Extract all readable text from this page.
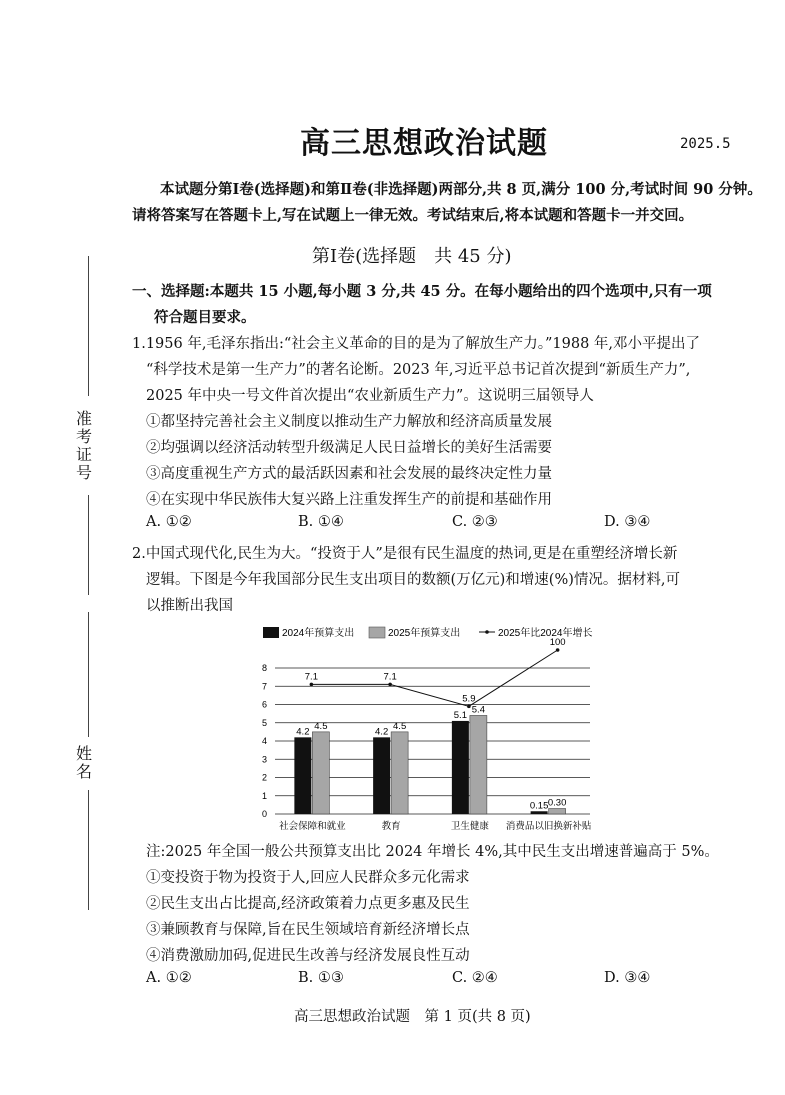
高三思想政治试题	2025.5
本试题分第Ⅰ卷(选择题)和第Ⅱ卷(非选择题)两部分,共 8 页,满分 100 分,考试时间 90 分钟。
请将答案写在答题卡上,写在试题上一律无效。考试结束后,将本试题和答题卡一并交回。
第Ⅰ卷(选择题　共 45 分)
一、选择题:本题共 15 小题,每小题 3 分,共 45 分。在每小题给出的四个选项中,只有一项
符合题目要求。
准考证号
姓名
1.1956 年,毛泽东指出:“社会主义革命的目的是为了解放生产力。”1988 年,邓小平提出了
“科学技术是第一生产力”的著名论断。2023 年,习近平总书记首次提到“新质生产力”,
2025 年中央一号文件首次提出“农业新质生产力”。这说明三届领导人
①都坚持完善社会主义制度以推动生产力解放和经济高质量发展
②均强调以经济活动转型升级满足人民日益增长的美好生活需要
③高度重视生产方式的最活跃因素和社会发展的最终决定性力量
④在实现中华民族伟大复兴路上注重发挥生产的前提和基础作用
A. ①②	B. ①④	C. ②③	D. ③④
2.中国式现代化,民生为大。“投资于人”是很有民生温度的热词,更是在重塑经济增长新
逻辑。下图是今年我国部分民生支出项目的数额(万亿元)和增速(%)情况。据材料,可
以推断出我国
0
1
2
3
4
5
6
7
8
2024年预算支出	2025年预算支出	2025年比2024年增长
4.2 4.5
社会保障和就业
4.2 4.5
教育
5.1 5.4
卫生健康
0.15 0.30
消费品以旧换新补贴
7.1	7.1
5.9
100
注:2025 年全国一般公共预算支出比 2024 年增长 4%,其中民生支出增速普遍高于 5%。
①变投资于物为投资于人,回应人民群众多元化需求
②民生支出占比提高,经济政策着力点更多惠及民生
③兼顾教育与保障,旨在民生领域培育新经济增长点
④消费激励加码,促进民生改善与经济发展良性互动
A. ①②	B. ①③	C. ②④	D. ③④
高三思想政治试题　第 1 页(共 8 页)
